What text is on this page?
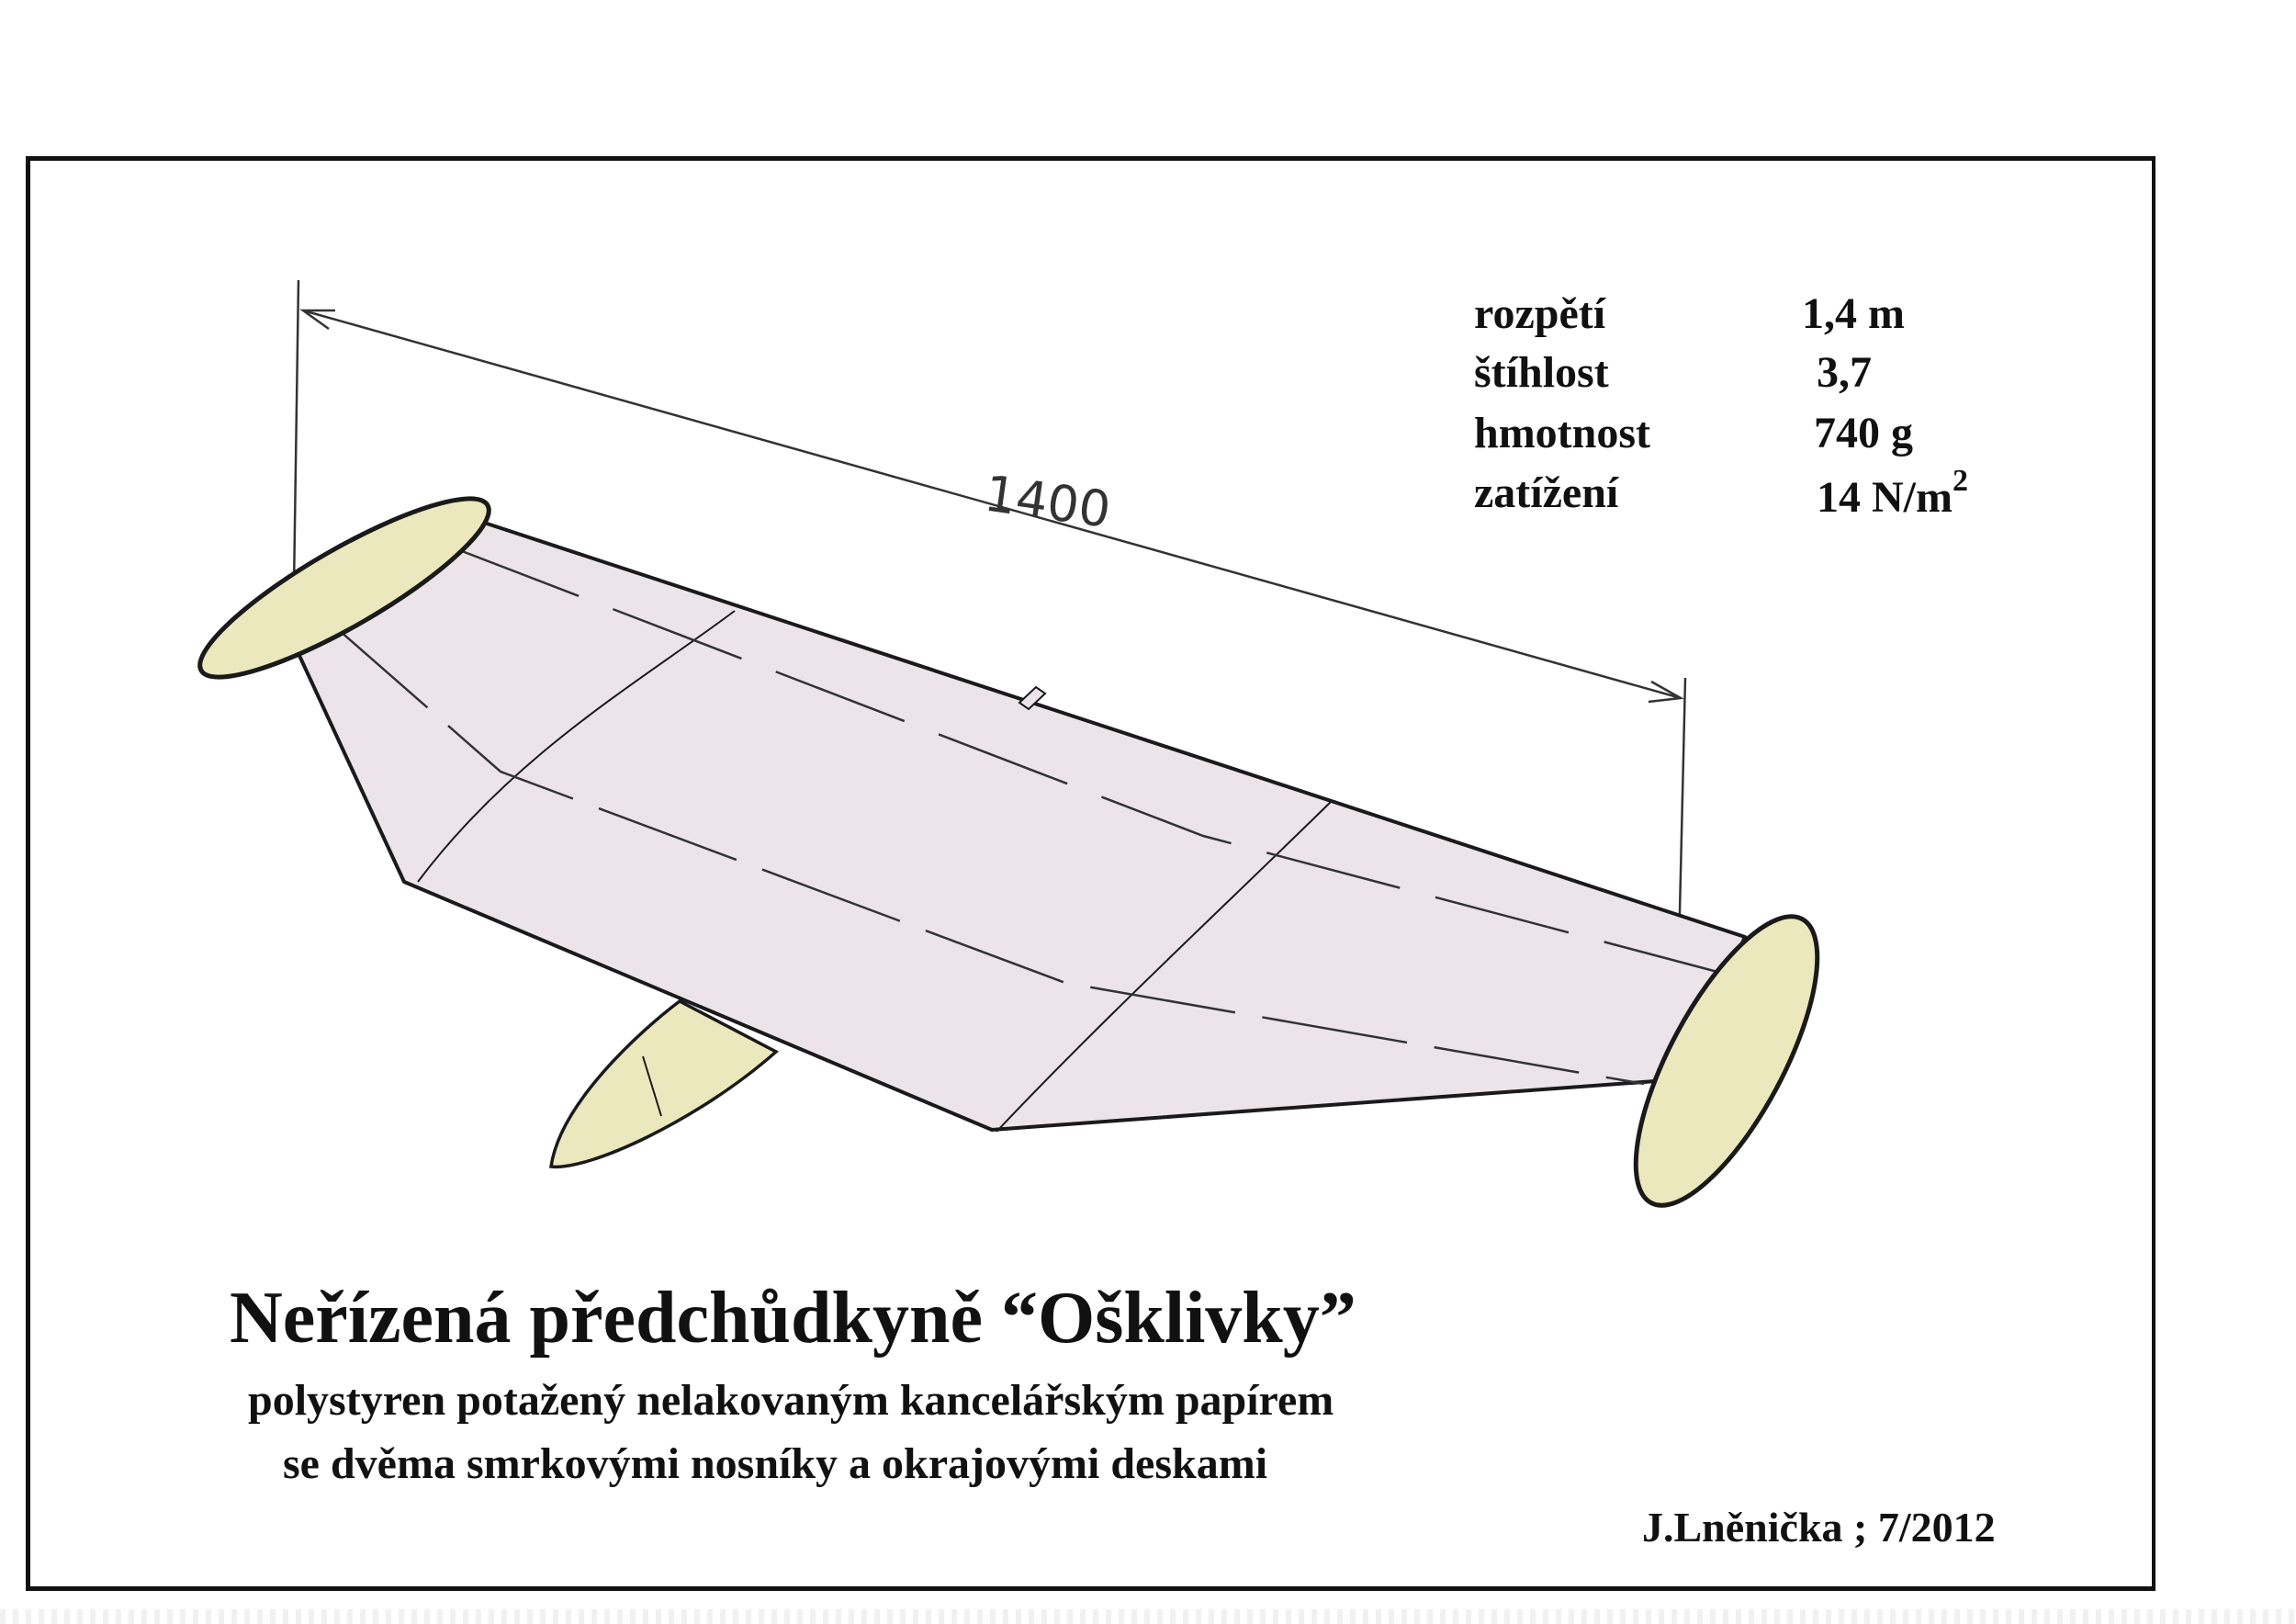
1400
rozpětí	1,4 m
štíhlost	3,7
hmotnost	740 g
zatížení	14 $N/m^2$
Neřízená předchůdkyně “Ošklivky”
polystyren potažený nelakovaným kancelářským papírem
se dvěma smrkovými nosníky a okrajovými deskami
J.Lněnička ; 7/2012
